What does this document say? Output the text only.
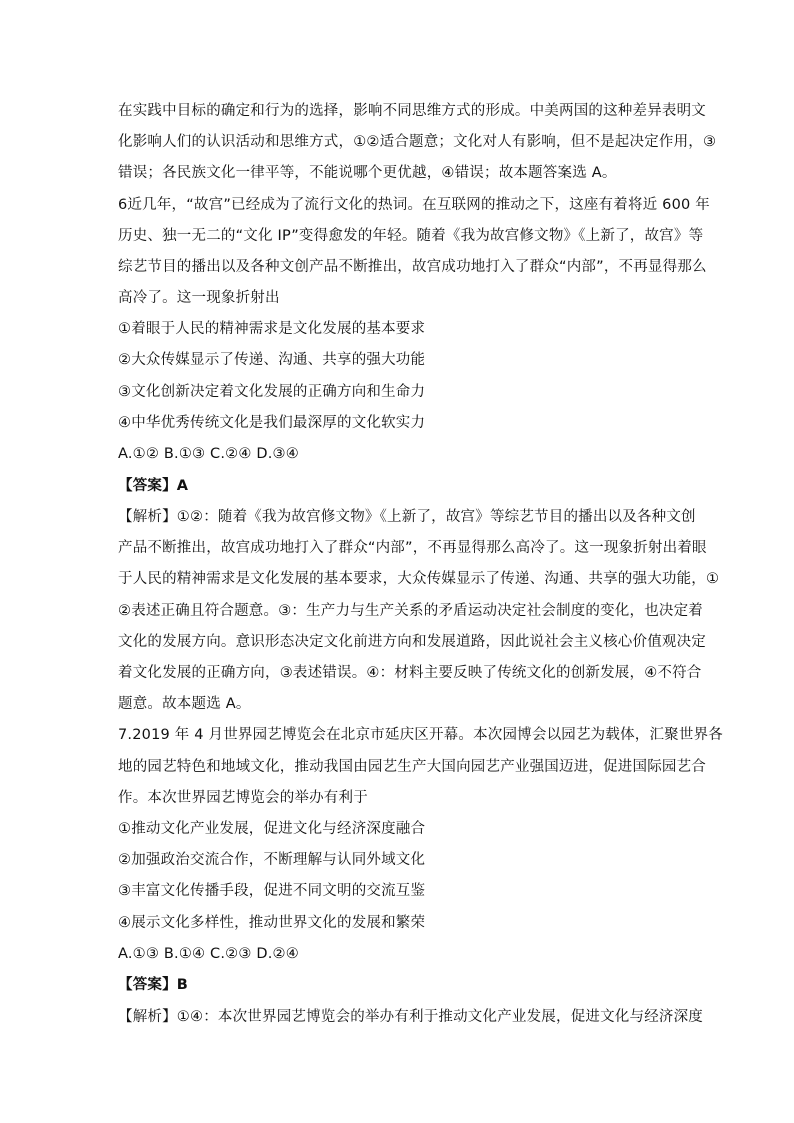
在实践中目标的确定和行为的选择，影响不同思维方式的形成。中美两国的这种差异表明文
化影响人们的认识活动和思维方式，①②适合题意；文化对人有影响，但不是起决定作用，③
错误；各民族文化一律平等，不能说哪个更优越，④错误；故本题答案选 A。
6近几年，“故宫”已经成为了流行文化的热词。在互联网的推动之下，这座有着将近 600 年
历史、独一无二的“文化 IP”变得愈发的年轻。随着《我为故宫修文物》《上新了，故宫》等
综艺节目的播出以及各种文创产品不断推出，故宫成功地打入了群众“内部”，不再显得那么
高冷了。这一现象折射出
①着眼于人民的精神需求是文化发展的基本要求
②大众传媒显示了传递、沟通、共享的强大功能
③文化创新决定着文化发展的正确方向和生命力
④中华优秀传统文化是我们最深厚的文化软实力
A.①② B.①③ C.②④ D.③④
【答案】A
【解析】①②：随着《我为故宫修文物》《上新了，故宫》等综艺节目的播出以及各种文创
产品不断推出，故宫成功地打入了群众“内部”，不再显得那么高冷了。这一现象折射出着眼
于人民的精神需求是文化发展的基本要求，大众传媒显示了传递、沟通、共享的强大功能，①
②表述正确且符合题意。③：生产力与生产关系的矛盾运动决定社会制度的变化，也决定着
文化的发展方向。意识形态决定文化前进方向和发展道路，因此说社会主义核心价值观决定
着文化发展的正确方向，③表述错误。④：材料主要反映了传统文化的创新发展，④不符合
题意。故本题选 A。
7.2019 年 4 月世界园艺博览会在北京市延庆区开幕。本次园博会以园艺为载体，汇聚世界各
地的园艺特色和地域文化，推动我国由园艺生产大国向园艺产业强国迈进，促进国际园艺合
作。本次世界园艺博览会的举办有利于
①推动文化产业发展，促进文化与经济深度融合
②加强政治交流合作，不断理解与认同外域文化
③丰富文化传播手段，促进不同文明的交流互鉴
④展示文化多样性，推动世界文化的发展和繁荣
A.①③ B.①④ C.②③ D.②④
【答案】B
【解析】①④：本次世界园艺博览会的举办有利于推动文化产业发展，促进文化与经济深度
